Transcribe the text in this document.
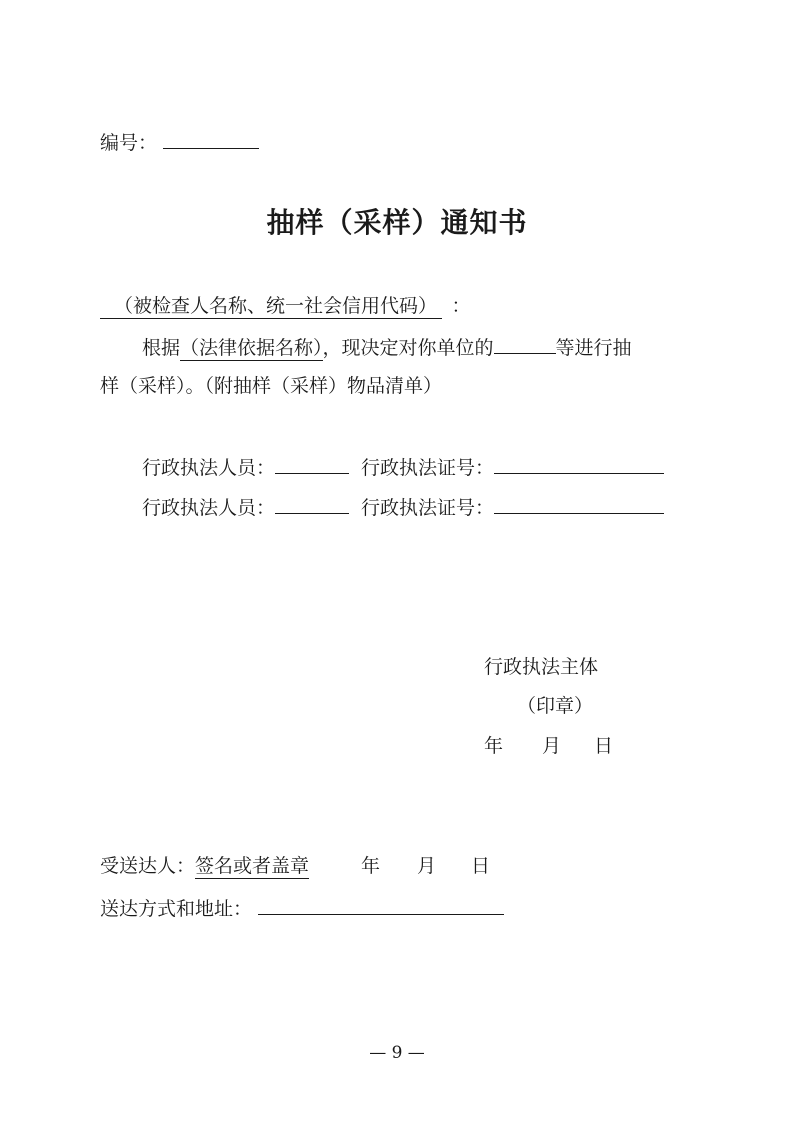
编号：
抽样（采样）通知书
（被检查人名称、统一社会信用代码） ：
根据（法律依据名称），现决定对你单位的	等进行抽
样（采样）。（附抽样（采样）物品清单）
行政执法人员：	行政执法证号：
行政执法人员：	行政执法证号：
行政执法主体
（印章）
年 月 日
受送达人：签名或者盖章	年 月 日
送达方式和地址：
— 9 —
